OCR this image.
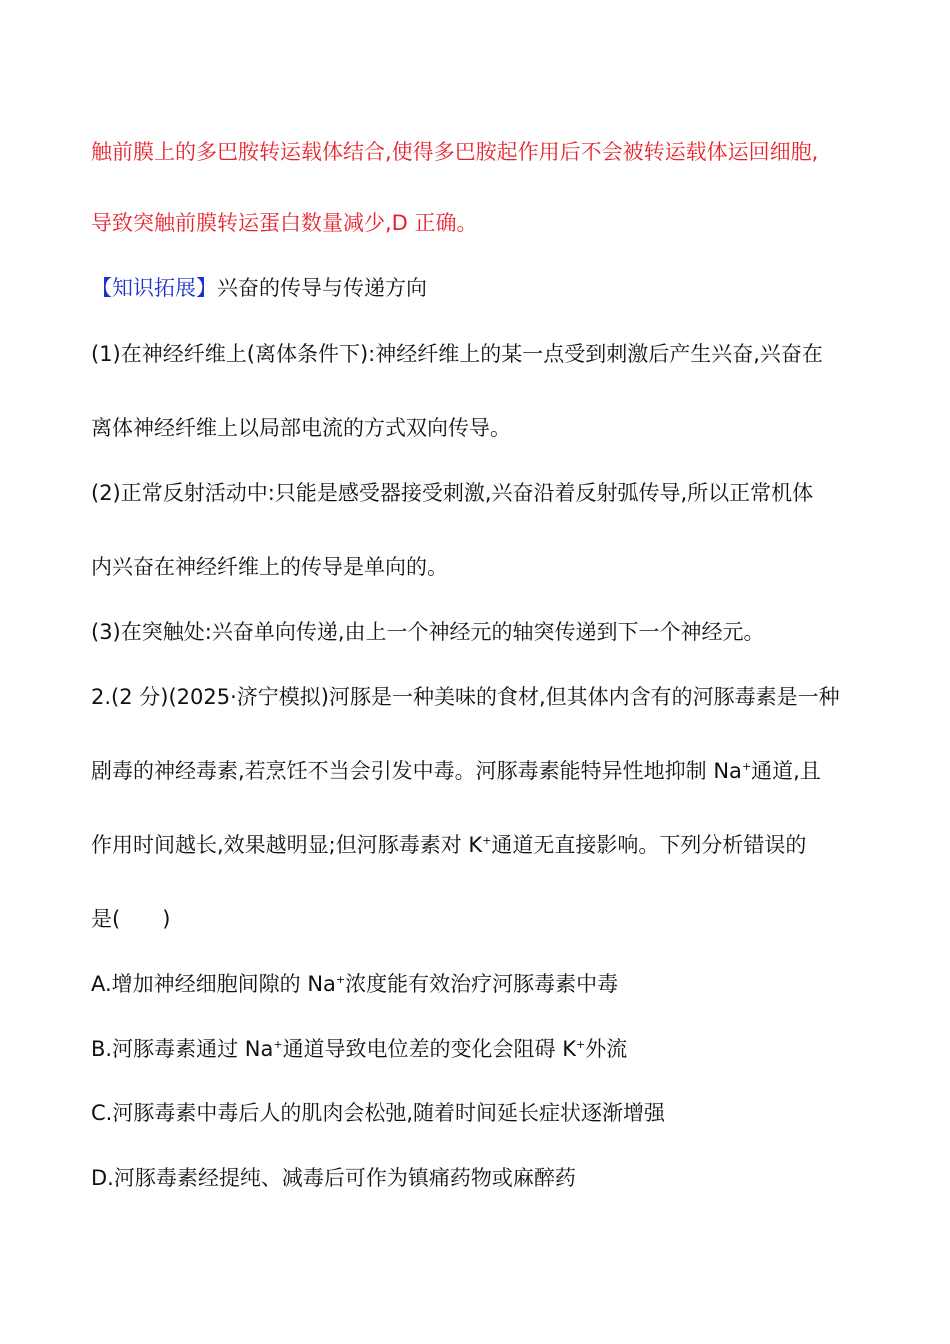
触前膜上的多巴胺转运载体结合,使得多巴胺起作用后不会被转运载体运回细胞,
导致突触前膜转运蛋白数量减少,D 正确。
【知识拓展】兴奋的传导与传递方向
(1)在神经纤维上(离体条件下):神经纤维上的某一点受到刺激后产生兴奋,兴奋在
离体神经纤维上以局部电流的方式双向传导。
(2)正常反射活动中:只能是感受器接受刺激,兴奋沿着反射弧传导,所以正常机体
内兴奋在神经纤维上的传导是单向的。
(3)在突触处:兴奋单向传递,由上一个神经元的轴突传递到下一个神经元。
2.(2 分)(2025·济宁模拟)河豚是一种美味的食材,但其体内含有的河豚毒素是一种
剧毒的神经毒素,若烹饪不当会引发中毒。河豚毒素能特异性地抑制 Na+通道,且
作用时间越长,效果越明显;但河豚毒素对 K+通道无直接影响。下列分析错误的
是(　　)
A.增加神经细胞间隙的 Na+浓度能有效治疗河豚毒素中毒
B.河豚毒素通过 Na+通道导致电位差的变化会阻碍 K+外流
C.河豚毒素中毒后人的肌肉会松弛,随着时间延长症状逐渐增强
D.河豚毒素经提纯、减毒后可作为镇痛药物或麻醉药
